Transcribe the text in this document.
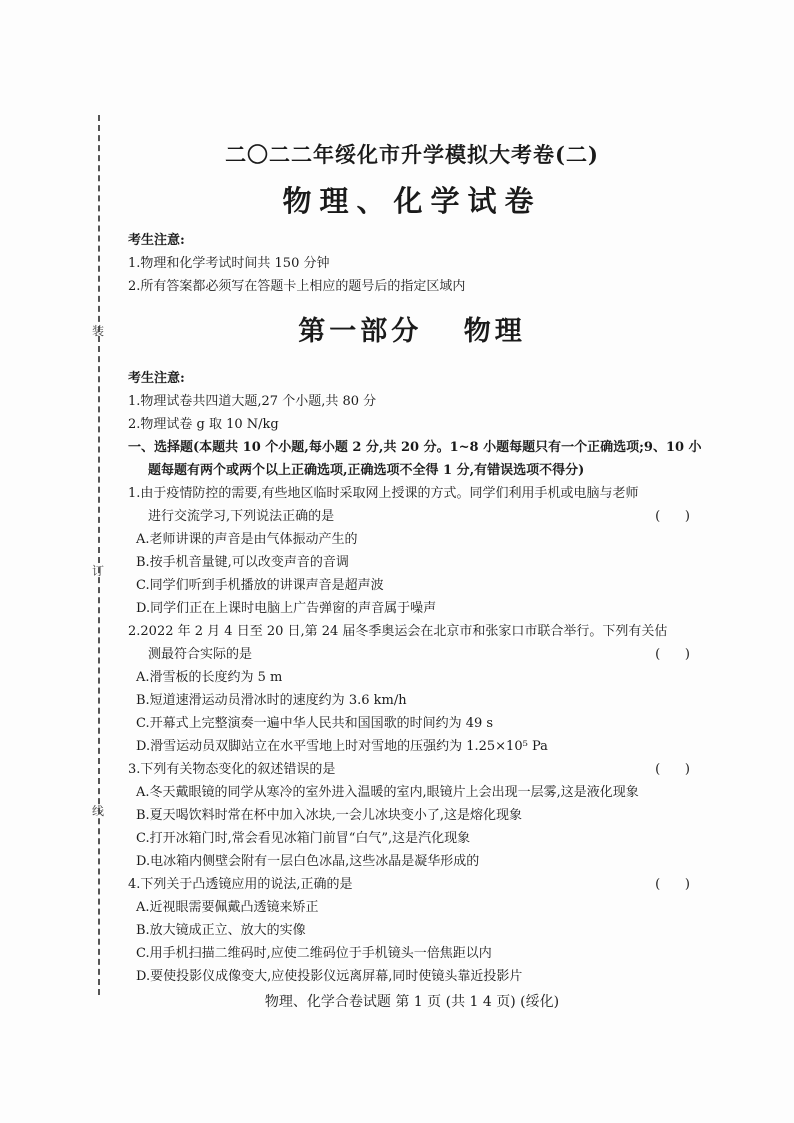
装
订
线
二〇二二年绥化市升学模拟大考卷(二)
物理、化学试卷

考生注意:

1.物理和化学考试时间共 150 分钟

2.所有答案都必须写在答题卡上相应的题号后的指定区域内

第一部分 物理

考生注意:

1.物理试卷共四道大题,27 个小题,共 80 分

2.物理试卷 g 取 10 N/kg

一、选择题(本题共 10 个小题,每小题 2 分,共 20 分。1~8 小题每题只有一个正确选项;9、10 小

题每题有两个或两个以上正确选项,正确选项不全得 1 分,有错误选项不得分)

1.由于疫情防控的需要,有些地区临时采取网上授课的方式。同学们利用手机或电脑与老师

进行交流学习,下列说法正确的是	(      )

A.老师讲课的声音是由气体振动产生的

B.按手机音量键,可以改变声音的音调

C.同学们听到手机播放的讲课声音是超声波

D.同学们正在上课时电脑上广告弹窗的声音属于噪声

2.2022 年 2 月 4 日至 20 日,第 24 届冬季奥运会在北京市和张家口市联合举行。下列有关估

测最符合实际的是	(      )

A.滑雪板的长度约为 5 m

B.短道速滑运动员滑冰时的速度约为 3.6 km/h

C.开幕式上完整演奏一遍中华人民共和国国歌的时间约为 49 s

D.滑雪运动员双脚站立在水平雪地上时对雪地的压强约为 1.25×10⁵ Pa

3.下列有关物态变化的叙述错误的是	(      )

A.冬天戴眼镜的同学从寒冷的室外进入温暖的室内,眼镜片上会出现一层雾,这是液化现象

B.夏天喝饮料时常在杯中加入冰块,一会儿冰块变小了,这是熔化现象

C.打开冰箱门时,常会看见冰箱门前冒“白气”,这是汽化现象

D.电冰箱内侧壁会附有一层白色冰晶,这些冰晶是凝华形成的

4.下列关于凸透镜应用的说法,正确的是	(      )

A.近视眼需要佩戴凸透镜来矫正

B.放大镜成正立、放大的实像

C.用手机扫描二维码时,应使二维码位于手机镜头一倍焦距以内

D.要使投影仪成像变大,应使投影仪远离屏幕,同时使镜头靠近投影片

物理、化学合卷试题 第 1 页 (共 1 4 页) (绥化)
